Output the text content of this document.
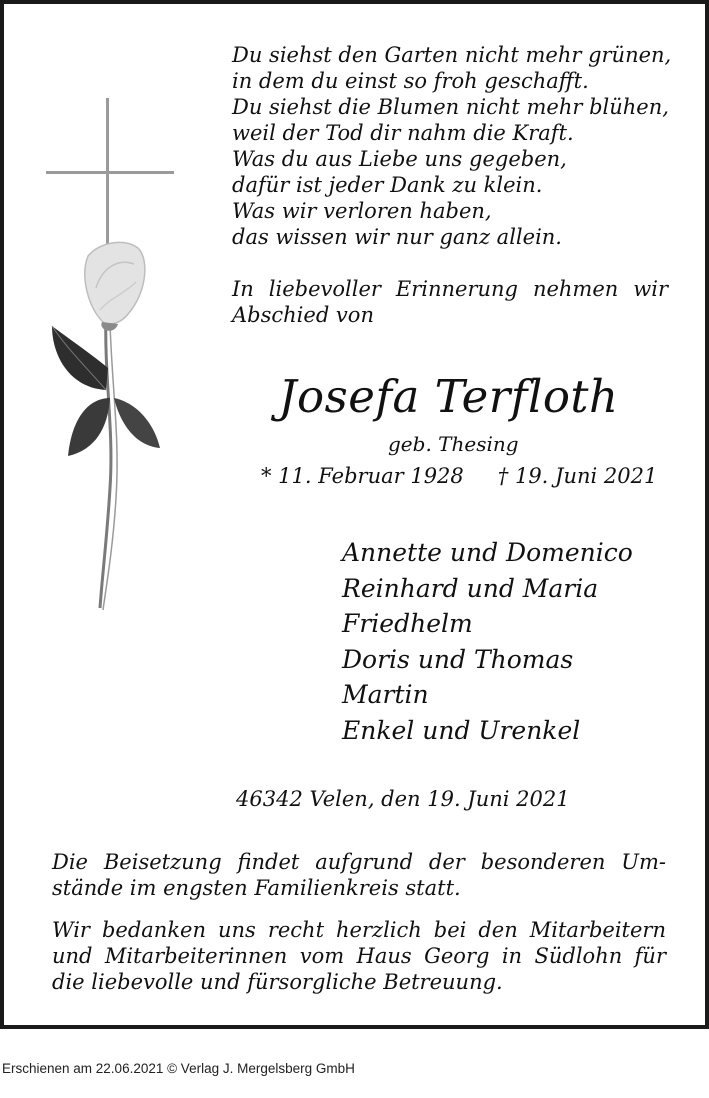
Du siehst den Garten nicht mehr grünen,
in dem du einst so froh geschafft.
Du siehst die Blumen nicht mehr blühen,
weil der Tod dir nahm die Kraft.
Was du aus Liebe uns gegeben,
dafür ist jeder Dank zu klein.
Was wir verloren haben,
das wissen wir nur ganz allein.
In liebevoller Erinnerung nehmen wir
Abschied von
Josefa Terfloth
geb. Thesing
* 11. Februar 1928 † 19. Juni 2021
Annette und Domenico
Reinhard und Maria
Friedhelm
Doris und Thomas
Martin
Enkel und Urenkel
46342 Velen, den 19. Juni 2021
Die Beisetzung findet aufgrund der besonderen Um-
stände im engsten Familienkreis statt.
Wir bedanken uns recht herzlich bei den Mitarbeitern
und Mitarbeiterinnen vom Haus Georg in Südlohn für
die liebevolle und fürsorgliche Betreuung.
Erschienen am 22.06.2021 © Verlag J. Mergelsberg GmbH
